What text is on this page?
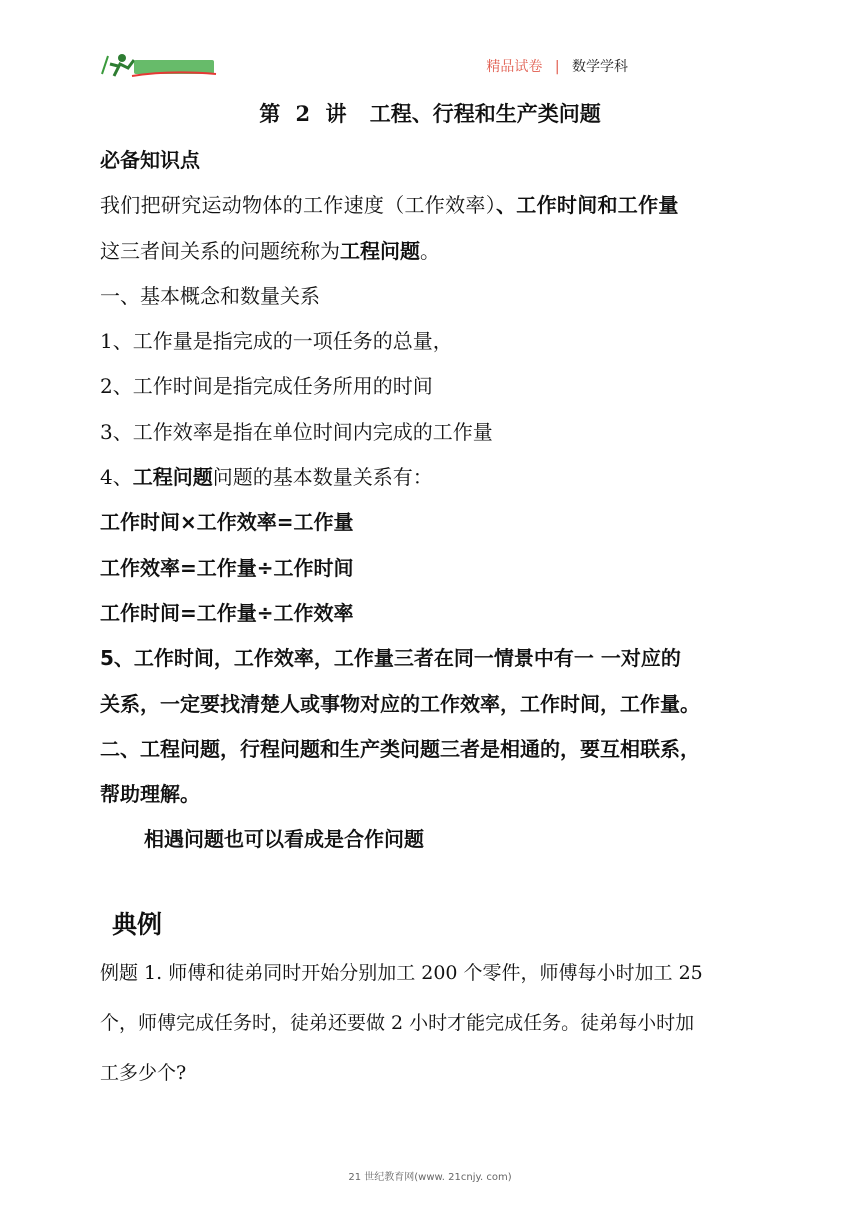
精品试卷 | 数学学科
第 2 讲 工程、行程和生产类问题
必备知识点
我们把研究运动物体的工作速度（工作效率）、工作时间和工作量
这三者间关系的问题统称为工程问题。
一、基本概念和数量关系
1、工作量是指完成的一项任务的总量，
2、工作时间是指完成任务所用的时间
3、工作效率是指在单位时间内完成的工作量
4、工程问题问题的基本数量关系有：
工作时间×工作效率=工作量
工作效率=工作量÷工作时间
工作时间=工作量÷工作效率
5、工作时间，工作效率，工作量三者在同一情景中有一 一对应的
关系，一定要找清楚人或事物对应的工作效率，工作时间，工作量。
二、工程问题，行程问题和生产类问题三者是相通的，要互相联系，
帮助理解。
相遇问题也可以看成是合作问题
典例
例题 1. 师傅和徒弟同时开始分别加工 200 个零件，师傅每小时加工 25
个，师傅完成任务时，徒弟还要做 2 小时才能完成任务。徒弟每小时加
工多少个?
21 世纪教育网(www. 21cnjy. com)
